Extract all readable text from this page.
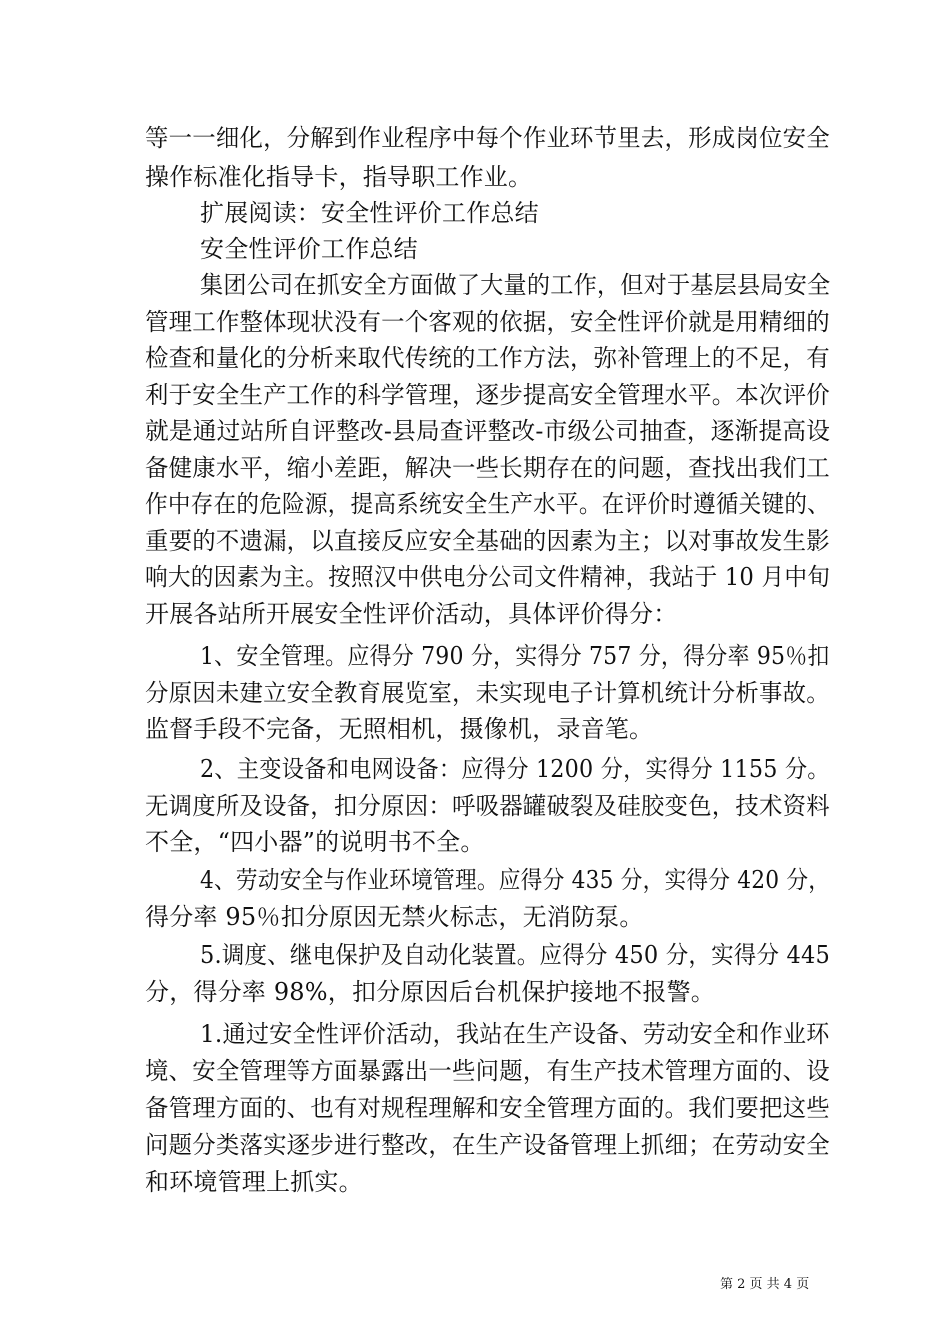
等一一细化，分解到作业程序中每个作业环节里去，形成岗位安全
操作标准化指导卡，指导职工作业。
扩展阅读：安全性评价工作总结
安全性评价工作总结
集团公司在抓安全方面做了大量的工作，但对于基层县局安全
管理工作整体现状没有一个客观的依据，安全性评价就是用精细的
检查和量化的分析来取代传统的工作方法，弥补管理上的不足，有
利于安全生产工作的科学管理，逐步提高安全管理水平。本次评价
就是通过站所自评整改-县局查评整改-市级公司抽查，逐渐提高设
备健康水平，缩小差距，解决一些长期存在的问题，查找出我们工
作中存在的危险源，提高系统安全生产水平。在评价时遵循关键的、
重要的不遗漏，以直接反应安全基础的因素为主；以对事故发生影
响大的因素为主。按照汉中供电分公司文件精神，我站于 10 月中旬
开展各站所开展安全性评价活动，具体评价得分：
1、安全管理。应得分 790 分，实得分 757 分，得分率 95％扣
分原因未建立安全教育展览室，未实现电子计算机统计分析事故。
监督手段不完备，无照相机，摄像机，录音笔。
2、主变设备和电网设备：应得分 1200 分，实得分 1155 分。
无调度所及设备，扣分原因：呼吸器罐破裂及硅胶变色，技术资料
不全，“四小器”的说明书不全。
4、劳动安全与作业环境管理。应得分 435 分，实得分 420 分，
得分率 95％扣分原因无禁火标志，无消防泵。
5.调度、继电保护及自动化装置。应得分 450 分，实得分 445
分，得分率 98%，扣分原因后台机保护接地不报警。
1.通过安全性评价活动，我站在生产设备、劳动安全和作业环
境、安全管理等方面暴露出一些问题，有生产技术管理方面的、设
备管理方面的、也有对规程理解和安全管理方面的。我们要把这些
问题分类落实逐步进行整改，在生产设备管理上抓细；在劳动安全
和环境管理上抓实。
第 2 页 共 4 页
